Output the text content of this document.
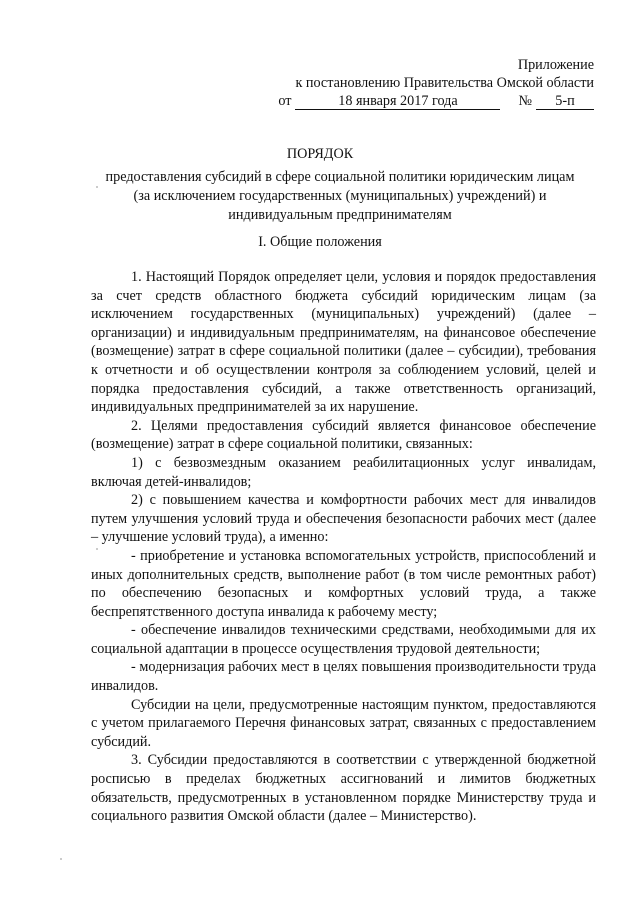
Приложение
к постановлению Правительства Омской области
от	18 января 2017 года	№	5-п
ПОРЯДОК
предоставления субсидий в сфере социальной политики юридическим лицам (за исключением государственных (муниципальных) учреждений) и индивидуальным предпринимателям
I. Общие положения

1. Настоящий Порядок определяет цели, условия и порядок предоставления за счет средств областного бюджета субсидий юридическим лицам (за исключением государственных (муниципальных) учреждений) (далее – организации) и индивидуальным предпринимателям, на финансовое обеспечение (возмещение) затрат в сфере социальной политики (далее – субсидии), требования к отчетности и об осуществлении контроля за соблюдением условий, целей и порядка предоставления субсидий, а также ответственность организаций, индивидуальных предпринимателей за их нарушение.

2. Целями предоставления субсидий является финансовое обеспечение (возмещение) затрат в сфере социальной политики, связанных:

1) с безвозмездным оказанием реабилитационных услуг инвалидам, включая детей-инвалидов;

2) с повышением качества и комфортности рабочих мест для инвалидов путем улучшения условий труда и обеспечения безопасности рабочих мест (далее – улучшение условий труда), а именно:

- приобретение и установка вспомогательных устройств, приспособлений и иных дополнительных средств, выполнение работ (в том числе ремонтных работ) по обеспечению безопасных и комфортных условий труда, а также беспрепятственного доступа инвалида к рабочему месту;

- обеспечение инвалидов техническими средствами, необходимыми для их социальной адаптации в процессе осуществления трудовой деятельности;

- модернизация рабочих мест в целях повышения производительности труда инвалидов.

Субсидии на цели, предусмотренные настоящим пунктом, предоставляются с учетом прилагаемого Перечня финансовых затрат, связанных с предоставлением субсидий.

3. Субсидии предоставляются в соответствии с утвержденной бюджетной росписью в пределах бюджетных ассигнований и лимитов бюджетных обязательств, предусмотренных в установленном порядке Министерству труда и социального развития Омской области (далее – Министерство).
